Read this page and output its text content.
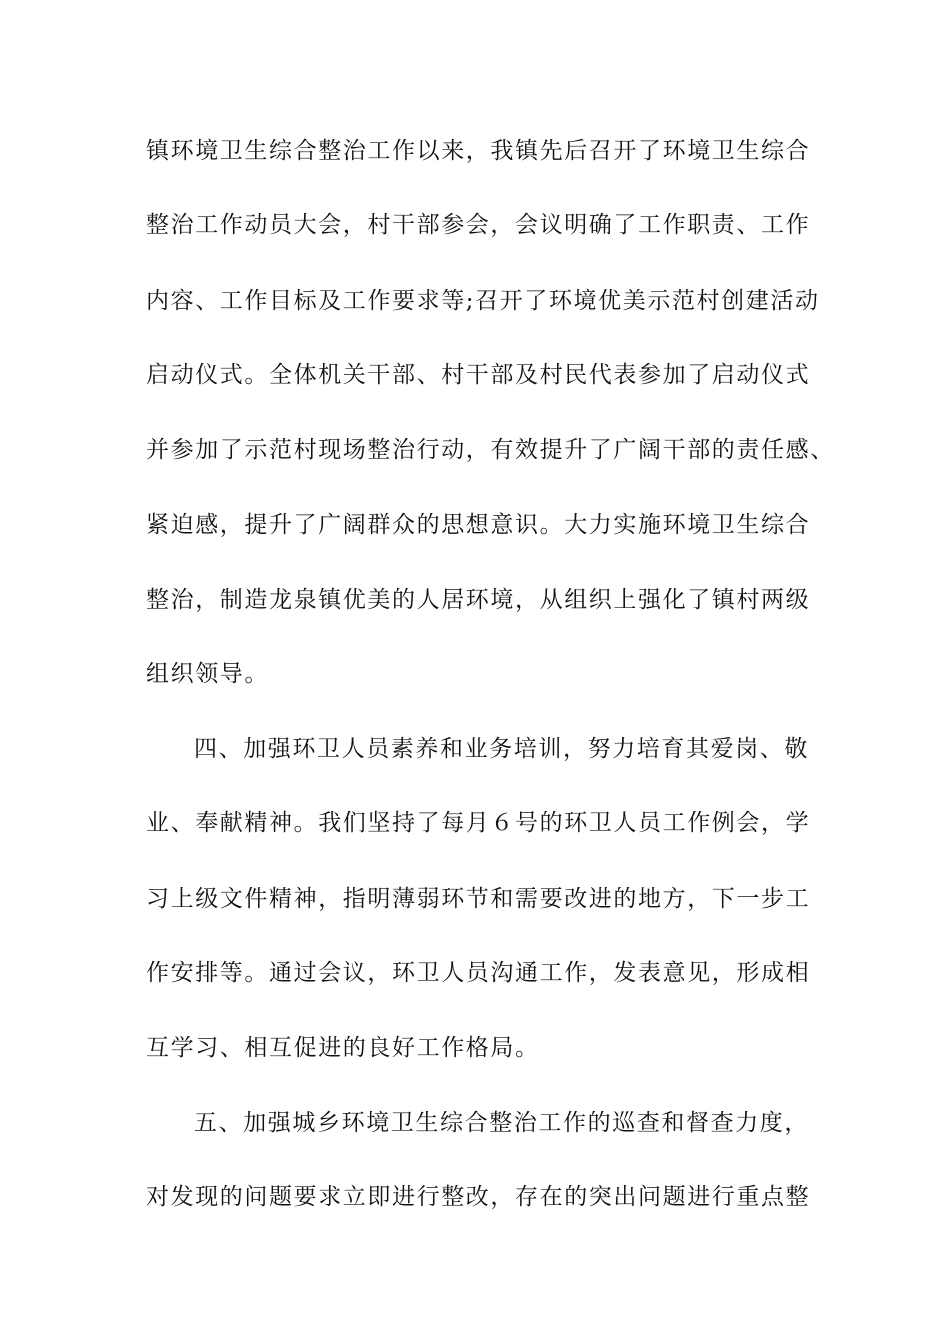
镇环境卫生综合整治工作以来，我镇先后召开了环境卫生综合
整治工作动员大会，村干部参会，会议明确了工作职责、工作
内容、工作目标及工作要求等;召开了环境优美示范村创建活动
启动仪式。全体机关干部、村干部及村民代表参加了启动仪式
并参加了示范村现场整治行动，有效提升了广阔干部的责任感、
紧迫感，提升了广阔群众的思想意识。大力实施环境卫生综合
整治，制造龙泉镇优美的人居环境，从组织上强化了镇村两级
组织领导。
四、加强环卫人员素养和业务培训，努力培育其爱岗、敬
业、奉献精神。我们坚持了每月６号的环卫人员工作例会，学
习上级文件精神，指明薄弱环节和需要改进的地方，下一步工
作安排等。通过会议，环卫人员沟通工作，发表意见，形成相
互学习、相互促进的良好工作格局。
五、加强城乡环境卫生综合整治工作的巡查和督查力度，
对发现的问题要求立即进行整改，存在的突出问题进行重点整
